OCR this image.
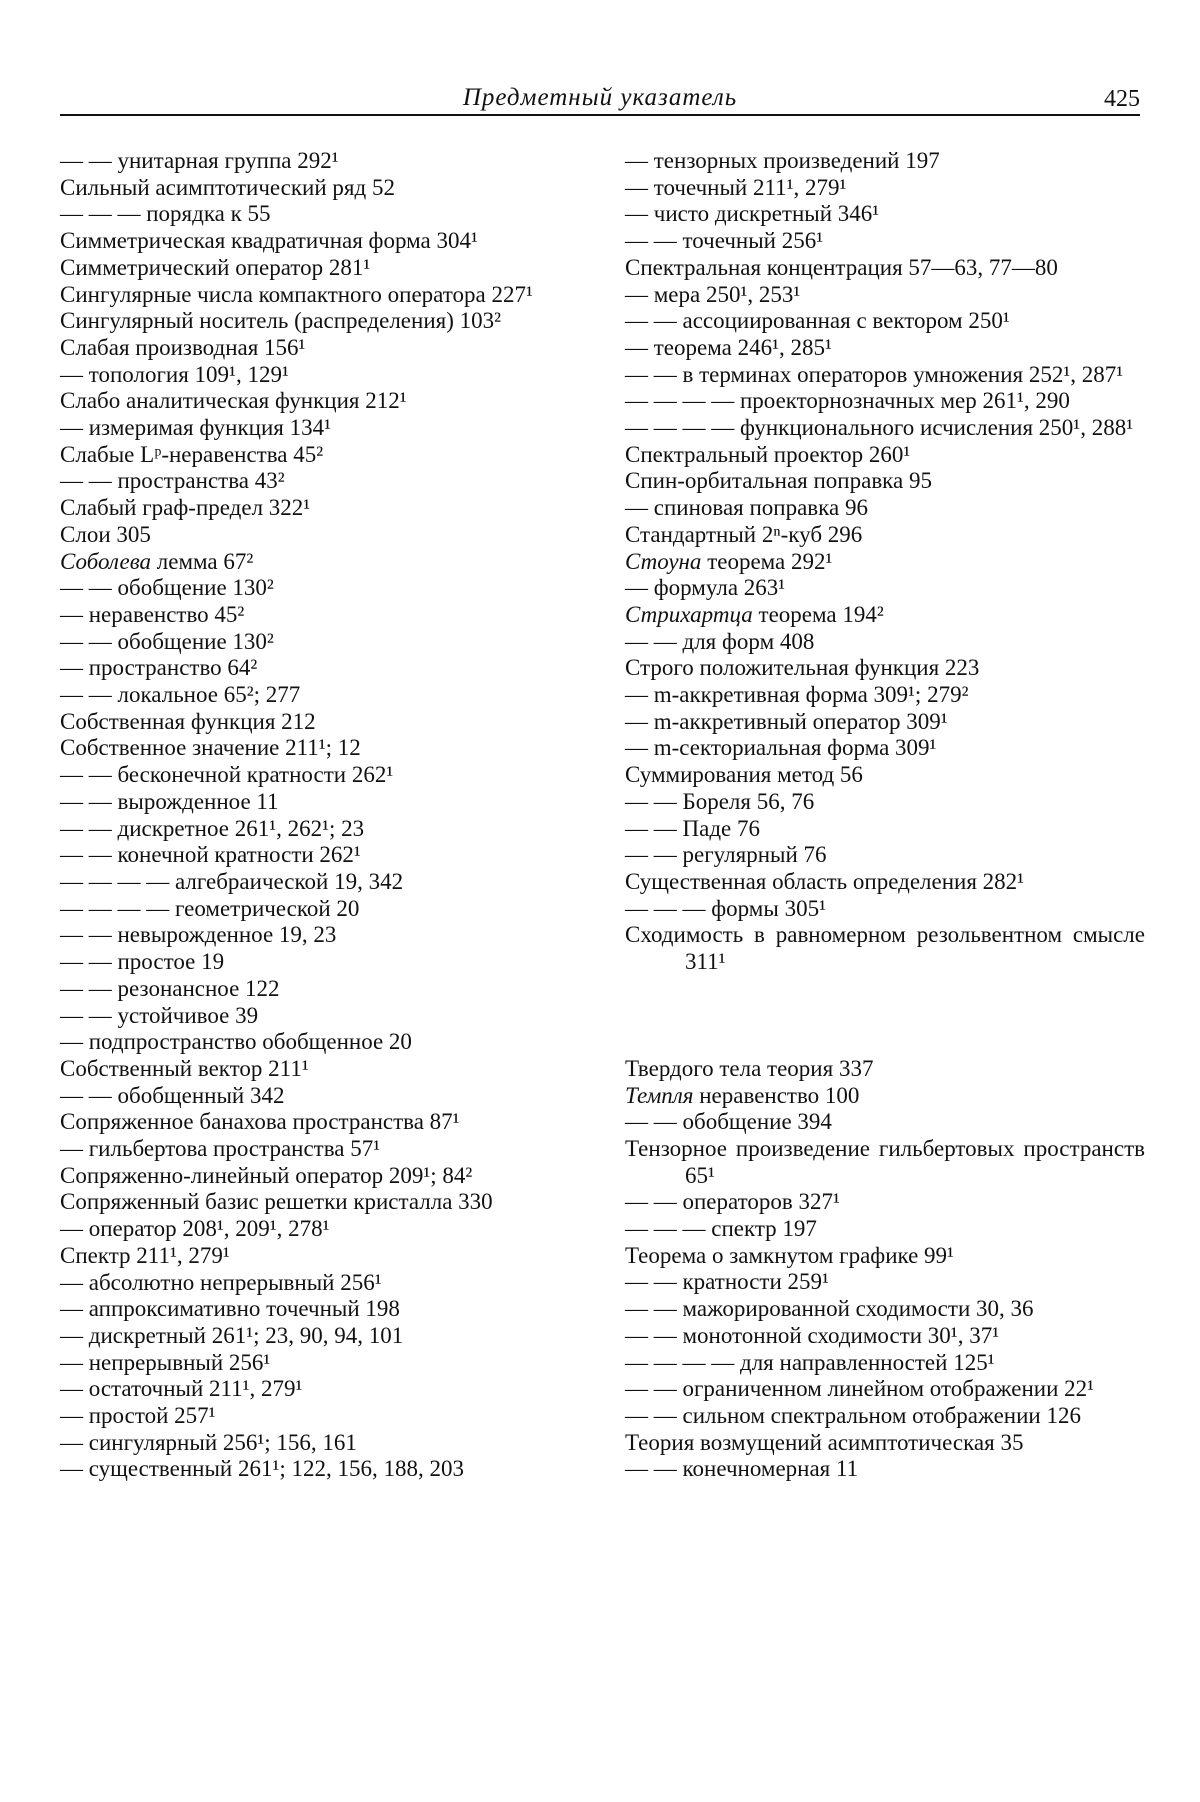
Предметный указатель	425
— — унитарная группа 292¹
Сильный асимптотический ряд 52
— — — порядка к 55
Симметрическая квадратичная форма 304¹
Симметрический оператор 281¹
Сингулярные числа компактного оператора 227¹
Сингулярный носитель (распределения) 103²
Слабая производная 156¹
— топология 109¹, 129¹
Слабо аналитическая функция 212¹
— измеримая функция 134¹
Слабые Lᵖ-неравенства 45²
— — пространства 43²
Слабый граф-предел 322¹
Слои 305
Соболева лемма 67²
— — обобщение 130²
— неравенство 45²
— — обобщение 130²
— пространство 64²
— — локальное 65²; 277
Собственная функция 212
Собственное значение 211¹; 12
— — бесконечной кратности 262¹
— — вырожденное 11
— — дискретное 261¹, 262¹; 23
— — конечной кратности 262¹
— — — — алгебраической 19, 342
— — — — геометрической 20
— — невырожденное 19, 23
— — простое 19
— — резонансное 122
— — устойчивое 39
— подпространство обобщенное 20
Собственный вектор 211¹
— — обобщенный 342
Сопряженное банахова пространства 87¹
— гильбертова пространства 57¹
Сопряженно-линейный оператор 209¹; 84²
Сопряженный базис решетки кристалла 330
— оператор 208¹, 209¹, 278¹
Спектр 211¹, 279¹
— абсолютно непрерывный 256¹
— аппроксимативно точечный 198
— дискретный 261¹; 23, 90, 94, 101
— непрерывный 256¹
— остаточный 211¹, 279¹
— простой 257¹
— сингулярный 256¹; 156, 161
— существенный 261¹; 122, 156, 188, 203
— тензорных произведений 197
— точечный 211¹, 279¹
— чисто дискретный 346¹
— — точечный 256¹
Спектральная концентрация 57—63, 77—80
— мера 250¹, 253¹
— — ассоциированная с вектором 250¹
— теорема 246¹, 285¹
— — в терминах операторов умножения 252¹, 287¹
— — — — проекторнозначных мер 261¹, 290
— — — — функционального исчисления 250¹, 288¹
Спектральный проектор 260¹
Спин-орбитальная поправка 95
— спиновая поправка 96
Стандартный 2ⁿ-куб 296
Стоуна теорема 292¹
— формула 263¹
Стрихартца теорема 194²
— — для форм 408
Строго положительная функция 223
— m-аккретивная форма 309¹; 279²
— m-аккретивный оператор 309¹
— m-секториальная форма 309¹
Суммирования метод 56
— — Бореля 56, 76
— — Паде 76
— — регулярный 76
Существенная область определения 282¹
— — — формы 305¹
Сходимость в равномерном резольвентном смысле 311¹
Твердого тела теория 337
Темпля неравенство 100
— — обобщение 394
Тензорное произведение гильбертовых пространств 65¹
— — операторов 327¹
— — — спектр 197
Теорема о замкнутом графике 99¹
— — кратности 259¹
— — мажорированной сходимости 30, 36
— — монотонной сходимости 30¹, 37¹
— — — — для направленностей 125¹
— — ограниченном линейном отображении 22¹
— — сильном спектральном отображении 126
Теория возмущений асимптотическая 35
— — конечномерная 11
